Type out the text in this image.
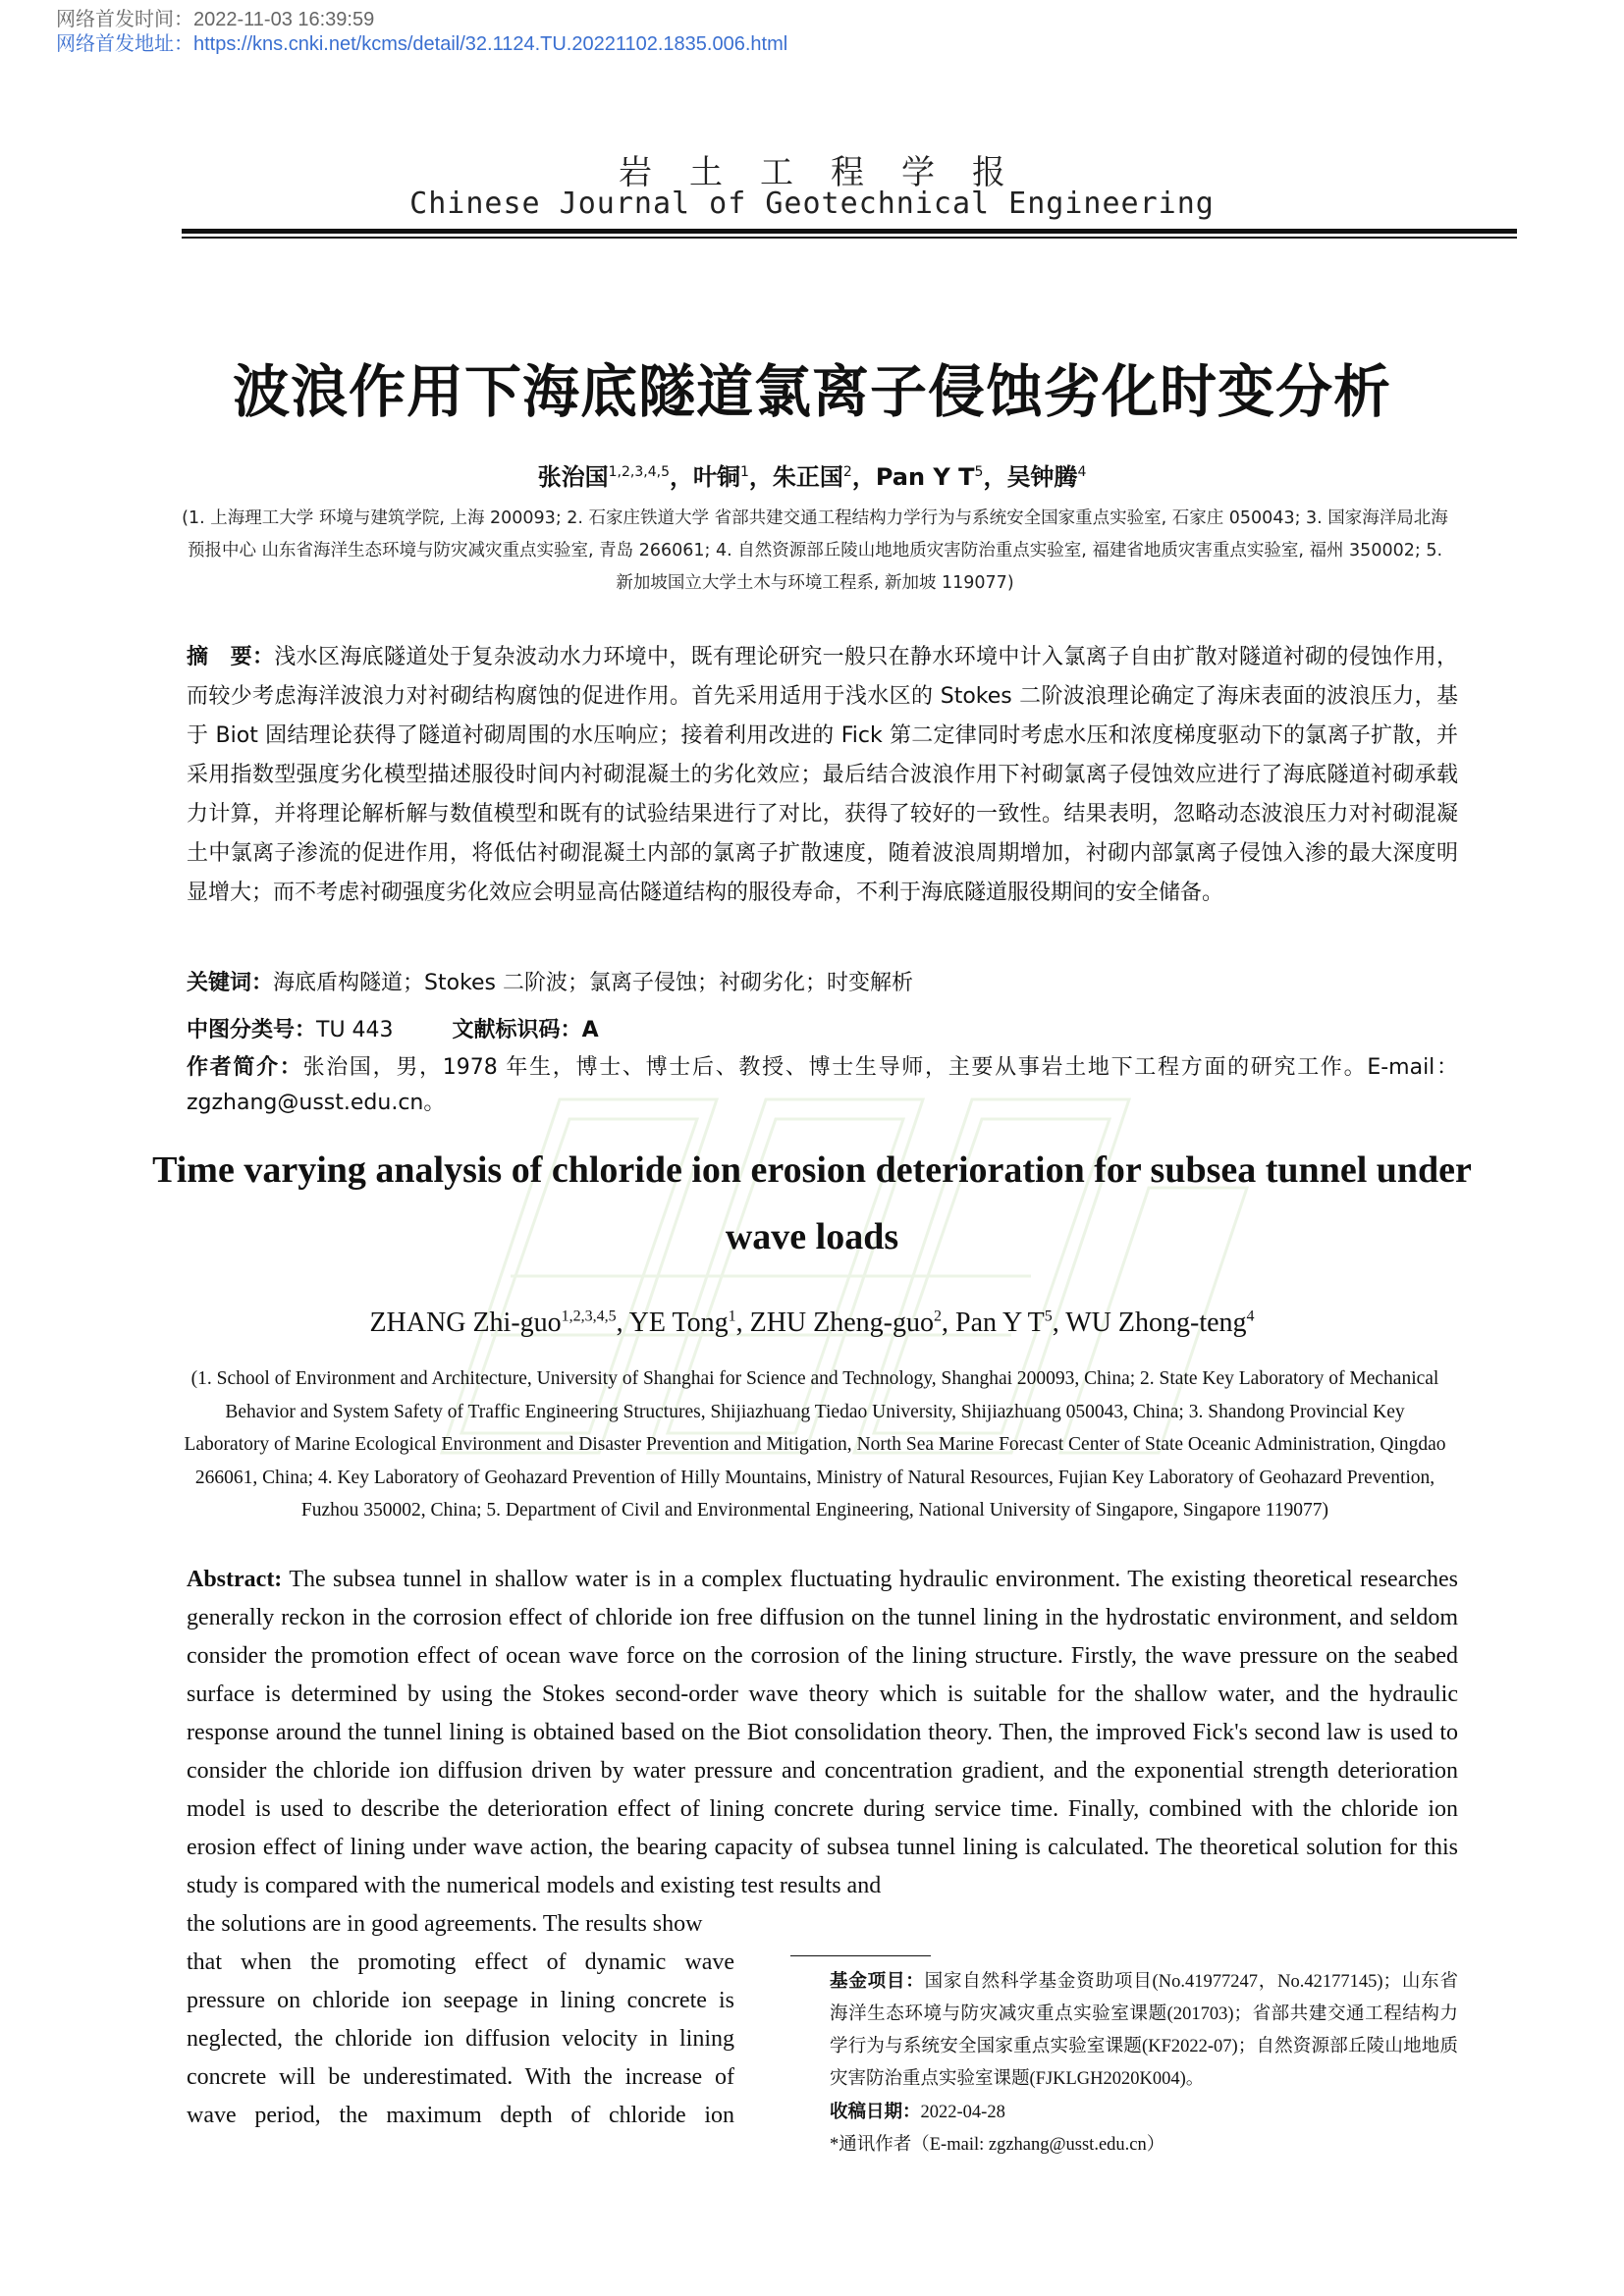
网络首发时间：2022-11-03 16:39:59
网络首发地址：https://kns.cnki.net/kcms/detail/32.1124.TU.20221102.1835.006.html
岩土工程学报
Chinese Journal of Geotechnical Engineering
波浪作用下海底隧道氯离子侵蚀劣化时变分析
张治国$^{1,2,3,4,5}$，叶铜$^1$，朱正国$^2$，Pan Y $T^5$，吴钟腾$^4$
(1. 上海理工大学 环境与建筑学院, 上海 200093; 2. 石家庄铁道大学 省部共建交通工程结构力学行为与系统安全国家重点实验室, 石家庄 050043; 3. 国家海洋局北海预报中心 山东省海洋生态环境与防灾减灾重点实验室, 青岛 266061; 4. 自然资源部丘陵山地地质灾害防治重点实验室, 福建省地质灾害重点实验室, 福州 350002; 5. 新加坡国立大学土木与环境工程系, 新加坡 119077)
摘　要：浅水区海底隧道处于复杂波动水力环境中，既有理论研究一般只在静水环境中计入氯离子自由扩散对隧道衬砌的侵蚀作用，而较少考虑海洋波浪力对衬砌结构腐蚀的促进作用。首先采用适用于浅水区的 Stokes 二阶波浪理论确定了海床表面的波浪压力，基于 Biot 固结理论获得了隧道衬砌周围的水压响应；接着利用改进的 Fick 第二定律同时考虑水压和浓度梯度驱动下的氯离子扩散，并采用指数型强度劣化模型描述服役时间内衬砌混凝土的劣化效应；最后结合波浪作用下衬砌氯离子侵蚀效应进行了海底隧道衬砌承载力计算，并将理论解析解与数值模型和既有的试验结果进行了对比，获得了较好的一致性。结果表明，忽略动态波浪压力对衬砌混凝土中氯离子渗流的促进作用，将低估衬砌混凝土内部的氯离子扩散速度，随着波浪周期增加，衬砌内部氯离子侵蚀入渗的最大深度明显增大；而不考虑衬砌强度劣化效应会明显高估隧道结构的服役寿命，不利于海底隧道服役期间的安全储备。
关键词：海底盾构隧道；Stokes 二阶波；氯离子侵蚀；衬砌劣化；时变解析
中图分类号：TU 443	文献标识码：A
作者简介：张治国，男，1978 年生，博士、博士后、教授、博士生导师，主要从事岩土地下工程方面的研究工作。E-mail：zgzhang@usst.edu.cn。
Time varying analysis of chloride ion erosion deterioration for subsea tunnel under wave loads
ZHANG Zhi-guo$^{1,2,3,4,5}$, YE Tong$^1$, ZHU Zheng-guo$^2$, Pan Y $T^5$, WU Zhong-teng$^4$
(1. School of Environment and Architecture, University of Shanghai for Science and Technology, Shanghai 200093, China; 2. State Key Laboratory of Mechanical Behavior and System Safety of Traffic Engineering Structures, Shijiazhuang Tiedao University, Shijiazhuang 050043, China; 3. Shandong Provincial Key Laboratory of Marine Ecological Environment and Disaster Prevention and Mitigation, North Sea Marine Forecast Center of State Oceanic Administration, Qingdao 266061, China; 4. Key Laboratory of Geohazard Prevention of Hilly Mountains, Ministry of Natural Resources, Fujian Key Laboratory of Geohazard Prevention, Fuzhou 350002, China; 5. Department of Civil and Environmental Engineering, National University of Singapore, Singapore 119077)
Abstract: The subsea tunnel in shallow water is in a complex fluctuating hydraulic environment. The existing theoretical researches generally reckon in the corrosion effect of chloride ion free diffusion on the tunnel lining in the hydrostatic environment, and seldom consider the promotion effect of ocean wave force on the corrosion of the lining structure. Firstly, the wave pressure on the seabed surface is determined by using the Stokes second-order wave theory which is suitable for the shallow water, and the hydraulic response around the tunnel lining is obtained based on the Biot consolidation theory. Then, the improved Fick's second law is used to consider the chloride ion diffusion driven by water pressure and concentration gradient, and the exponential strength deterioration model is used to describe the deterioration effect of lining concrete during service time. Finally, combined with the chloride ion erosion effect of lining under wave action, the bearing capacity of subsea tunnel lining is calculated. The theoretical solution for this study is compared with the numerical models and existing test results and
the solutions are in good agreements. The results show
that when the promoting effect of dynamic wave
pressure on chloride ion seepage in lining concrete is
neglected, the chloride ion diffusion velocity in lining
concrete will be underestimated. With the increase of
wave period, the maximum depth of chloride ion
基金项目：国家自然科学基金资助项目(No.41977247，No.42177145)；山东省海洋生态环境与防灾减灾重点实验室课题(201703)；省部共建交通工程结构力学行为与系统安全国家重点实验室课题(KF2022-07)；自然资源部丘陵山地地质灾害防治重点实验室课题(FJKLGH2020K004)。
收稿日期：2022-04-28
*通讯作者（E-mail: zgzhang@usst.edu.cn）
